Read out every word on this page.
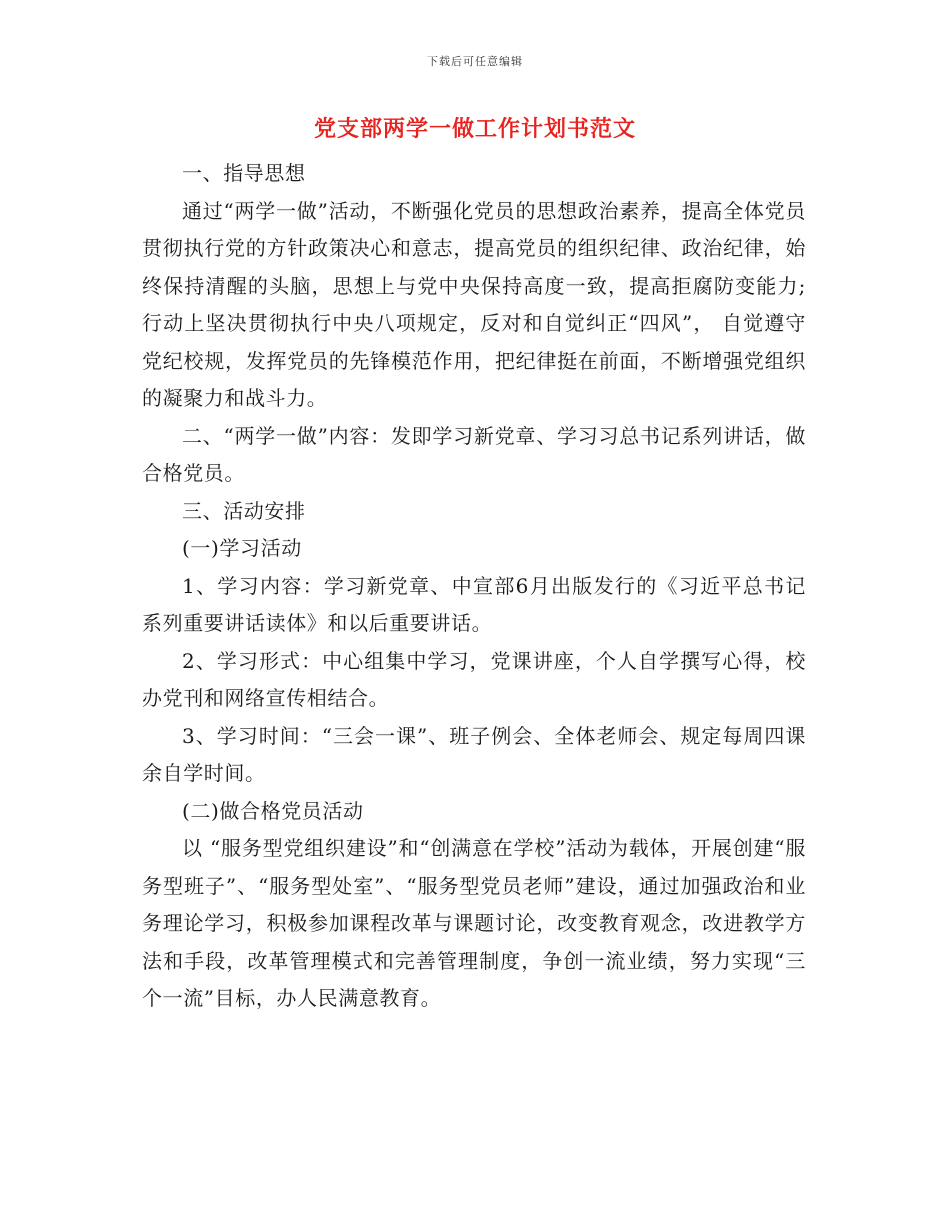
下载后可任意编辑
党支部两学一做工作计划书范文

一、指导思想

通过“两学一做”活动，不断强化党员的思想政治素养，提高全体党员贯彻执行党的方针政策决心和意志，提高党员的组织纪律、政治纪律，始终保持清醒的头脑，思想上与党中央保持高度一致，提高拒腐防变能力;行动上坚决贯彻执行中央八项规定，反对和自觉纠正“四风”， 自觉遵守党纪校规，发挥党员的先锋模范作用，把纪律挺在前面，不断增强党组织的凝聚力和战斗力。

二、“两学一做”内容：发即学习新党章、学习习总书记系列讲话，做合格党员。

三、活动安排

(一)学习活动

1、学习内容：学习新党章、中宣部6月出版发行的《习近平总书记系列重要讲话读体》和以后重要讲话。

2、学习形式：中心组集中学习，党课讲座，个人自学撰写心得，校办党刊和网络宣传相结合。

3、学习时间：“三会一课”、班子例会、全体老师会、规定每周四课余自学时间。

(二)做合格党员活动

以 “服务型党组织建设”和“创满意在学校”活动为载体，开展创建“服务型班子”、“服务型处室”、“服务型党员老师”建设，通过加强政治和业务理论学习，积极参加课程改革与课题讨论，改变教育观念，改进教学方法和手段，改革管理模式和完善管理制度，争创一流业绩，努力实现“三个一流”目标，办人民满意教育。
